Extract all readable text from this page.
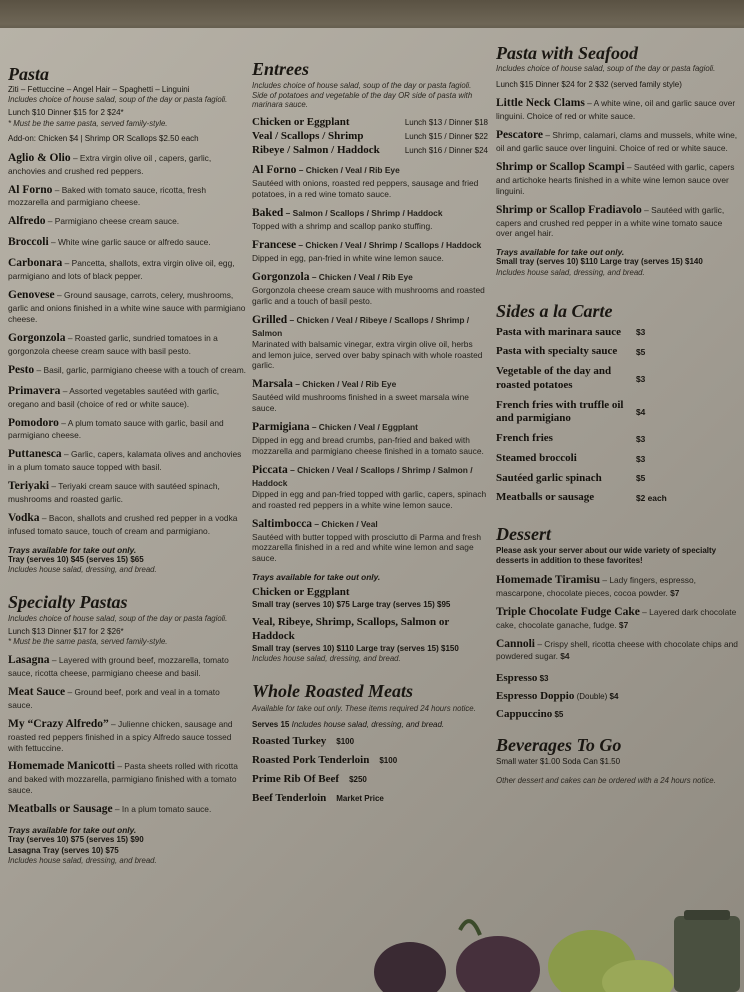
Pasta
Ziti – Fettuccine – Angel Hair – Spaghetti – Linguini
Includes choice of house salad, soup of the day or pasta fagioli.
Lunch $10 Dinner $15 for 2 $24*
* Must be the same pasta, served family-style.
Add-on: Chicken $4 | Shrimp OR Scallops $2.50 each
Aglio & Olio – Extra virgin olive oil , capers, garlic, anchovies and crushed red peppers.
Al Forno – Baked with tomato sauce, ricotta, fresh mozzarella and parmigiano cheese.
Alfredo – Parmigiano cheese cream sauce.
Broccoli – White wine garlic sauce or alfredo sauce.
Carbonara – Pancetta, shallots, extra virgin olive oil, egg, parmigiano and lots of black pepper.
Genovese – Ground sausage, carrots, celery, mushrooms, garlic and onions finished in a white wine sauce with parmigiano cheese.
Gorgonzola – Roasted garlic, sundried tomatoes in a gorgonzola cheese cream sauce with basil pesto.
Pesto – Basil, garlic, parmigiano cheese with a touch of cream.
Primavera – Assorted vegetables sautéed with garlic, oregano and basil (choice of red or white sauce).
Pomodoro – A plum tomato sauce with garlic, basil and parmigiano cheese.
Puttanesca – Garlic, capers, kalamata olives and anchovies in a plum tomato sauce topped with basil.
Teriyaki – Teriyaki cream sauce with sautéed spinach, mushrooms and roasted garlic.
Vodka – Bacon, shallots and crushed red pepper in a vodka infused tomato sauce, touch of cream and parmigiano.
Trays available for take out only.
Tray (serves 10) $45 (serves 15) $65
Includes house salad, dressing, and bread.
Specialty Pastas
Includes choice of house salad, soup of the day or pasta fagioli.
Lunch $13 Dinner $17 for 2 $26*
* Must be the same pasta, served family-style.
Lasagna – Layered with ground beef, mozzarella, tomato sauce, ricotta cheese, parmigiano cheese and basil.
Meat Sauce – Ground beef, pork and veal in a tomato sauce.
My “Crazy Alfredo” – Julienne chicken, sausage and roasted red peppers finished in a spicy Alfredo sauce tossed with fettuccine.
Homemade Manicotti – Pasta sheets rolled with ricotta and baked with mozzarella, parmigiano finished with a tomato sauce.
Meatballs or Sausage – In a plum tomato sauce.
Trays available for take out only.
Tray (serves 10) $75 (serves 15) $90
Lasagna Tray (serves 10) $75
Includes house salad, dressing, and bread.
Entrees
Includes choice of house salad, soup of the day or pasta fagioli. Side of potatoes and vegetable of the day OR side of pasta with marinara sauce.
Chicken or Eggplant	Lunch $13 / Dinner $18
Veal / Scallops / Shrimp	Lunch $15 / Dinner $22
Ribeye / Salmon / Haddock	Lunch $16 / Dinner $24
Al Forno – Chicken / Veal / Rib Eye
Sautéed with onions, roasted red peppers, sausage and fried potatoes, in a red wine tomato sauce.
Baked – Salmon / Scallops / Shrimp / Haddock
Topped with a shrimp and scallop panko stuffing.
Francese – Chicken / Veal / Shrimp / Scallops / Haddock
Dipped in egg, pan-fried in white wine lemon sauce.
Gorgonzola – Chicken / Veal / Rib Eye
Gorgonzola cheese cream sauce with mushrooms and roasted garlic and a touch of basil pesto.
Grilled – Chicken / Veal / Ribeye / Scallops / Shrimp / Salmon
Marinated with balsamic vinegar, extra virgin olive oil, herbs and lemon juice, served over baby spinach with whole roasted garlic.
Marsala – Chicken / Veal / Rib Eye
Sautéed wild mushrooms finished in a sweet marsala wine sauce.
Parmigiana – Chicken / Veal / Eggplant
Dipped in egg and bread crumbs, pan-fried and baked with mozzarella and parmigiano cheese finished in a tomato sauce.
Piccata – Chicken / Veal / Scallops / Shrimp / Salmon / Haddock
Dipped in egg and pan-fried topped with garlic, capers, spinach and roasted red peppers in a white wine lemon sauce.
Saltimbocca – Chicken / Veal
Sautéed with butter topped with prosciutto di Parma and fresh mozzarella finished in a red and white wine lemon and sage sauce.
Trays available for take out only.
Chicken or Eggplant
Small tray (serves 10) $75 Large tray (serves 15) $95
Veal, Ribeye, Shrimp, Scallops, Salmon or Haddock
Small tray (serves 10) $110 Large tray (serves 15) $150
Includes house salad, dressing, and bread.
Whole Roasted Meats
Available for take out only. These items required 24 hours notice.
Serves 15 Includes house salad, dressing, and bread.
Roasted Turkey $100
Roasted Pork Tenderloin $100
Prime Rib Of Beef $250
Beef Tenderloin Market Price
Pasta with Seafood
Includes choice of house salad, soup of the day or pasta fagioli.
Lunch $15 Dinner $24 for 2 $32 (served family style)
Little Neck Clams – A white wine, oil and garlic sauce over linguini. Choice of red or white sauce.
Pescatore – Shrimp, calamari, clams and mussels, white wine, oil and garlic sauce over linguini. Choice of red or white sauce.
Shrimp or Scallop Scampi – Sautéed with garlic, capers and artichoke hearts finished in a white wine lemon sauce over linguini.
Shrimp or Scallop Fradiavolo – Sautéed with garlic, capers and crushed red pepper in a white wine tomato sauce over angel hair.
Trays available for take out only.
Small tray (serves 10) $110 Large tray (serves 15) $140
Includes house salad, dressing, and bread.
Sides a la Carte
Pasta with marinara sauce	$3
Pasta with specialty sauce	$5
Vegetable of the day and roasted potatoes	$3
French fries with truffle oil and parmigiano	$4
French fries	$3
Steamed broccoli	$3
Sautéed garlic spinach	$5
Meatballs or sausage	$2 each
Dessert
Please ask your server about our wide variety of specialty desserts in addition to these favorites!
Homemade Tiramisu – Lady fingers, espresso, mascarpone, chocolate pieces, cocoa powder. $7
Triple Chocolate Fudge Cake – Layered dark chocolate cake, chocolate ganache, fudge. $7
Cannoli – Crispy shell, ricotta cheese with chocolate chips and powdered sugar. $4
Espresso $3
Espresso Doppio (Double) $4
Cappuccino $5
Beverages To Go
Small water $1.00 Soda Can $1.50
Other dessert and cakes can be ordered with a 24 hours notice.
